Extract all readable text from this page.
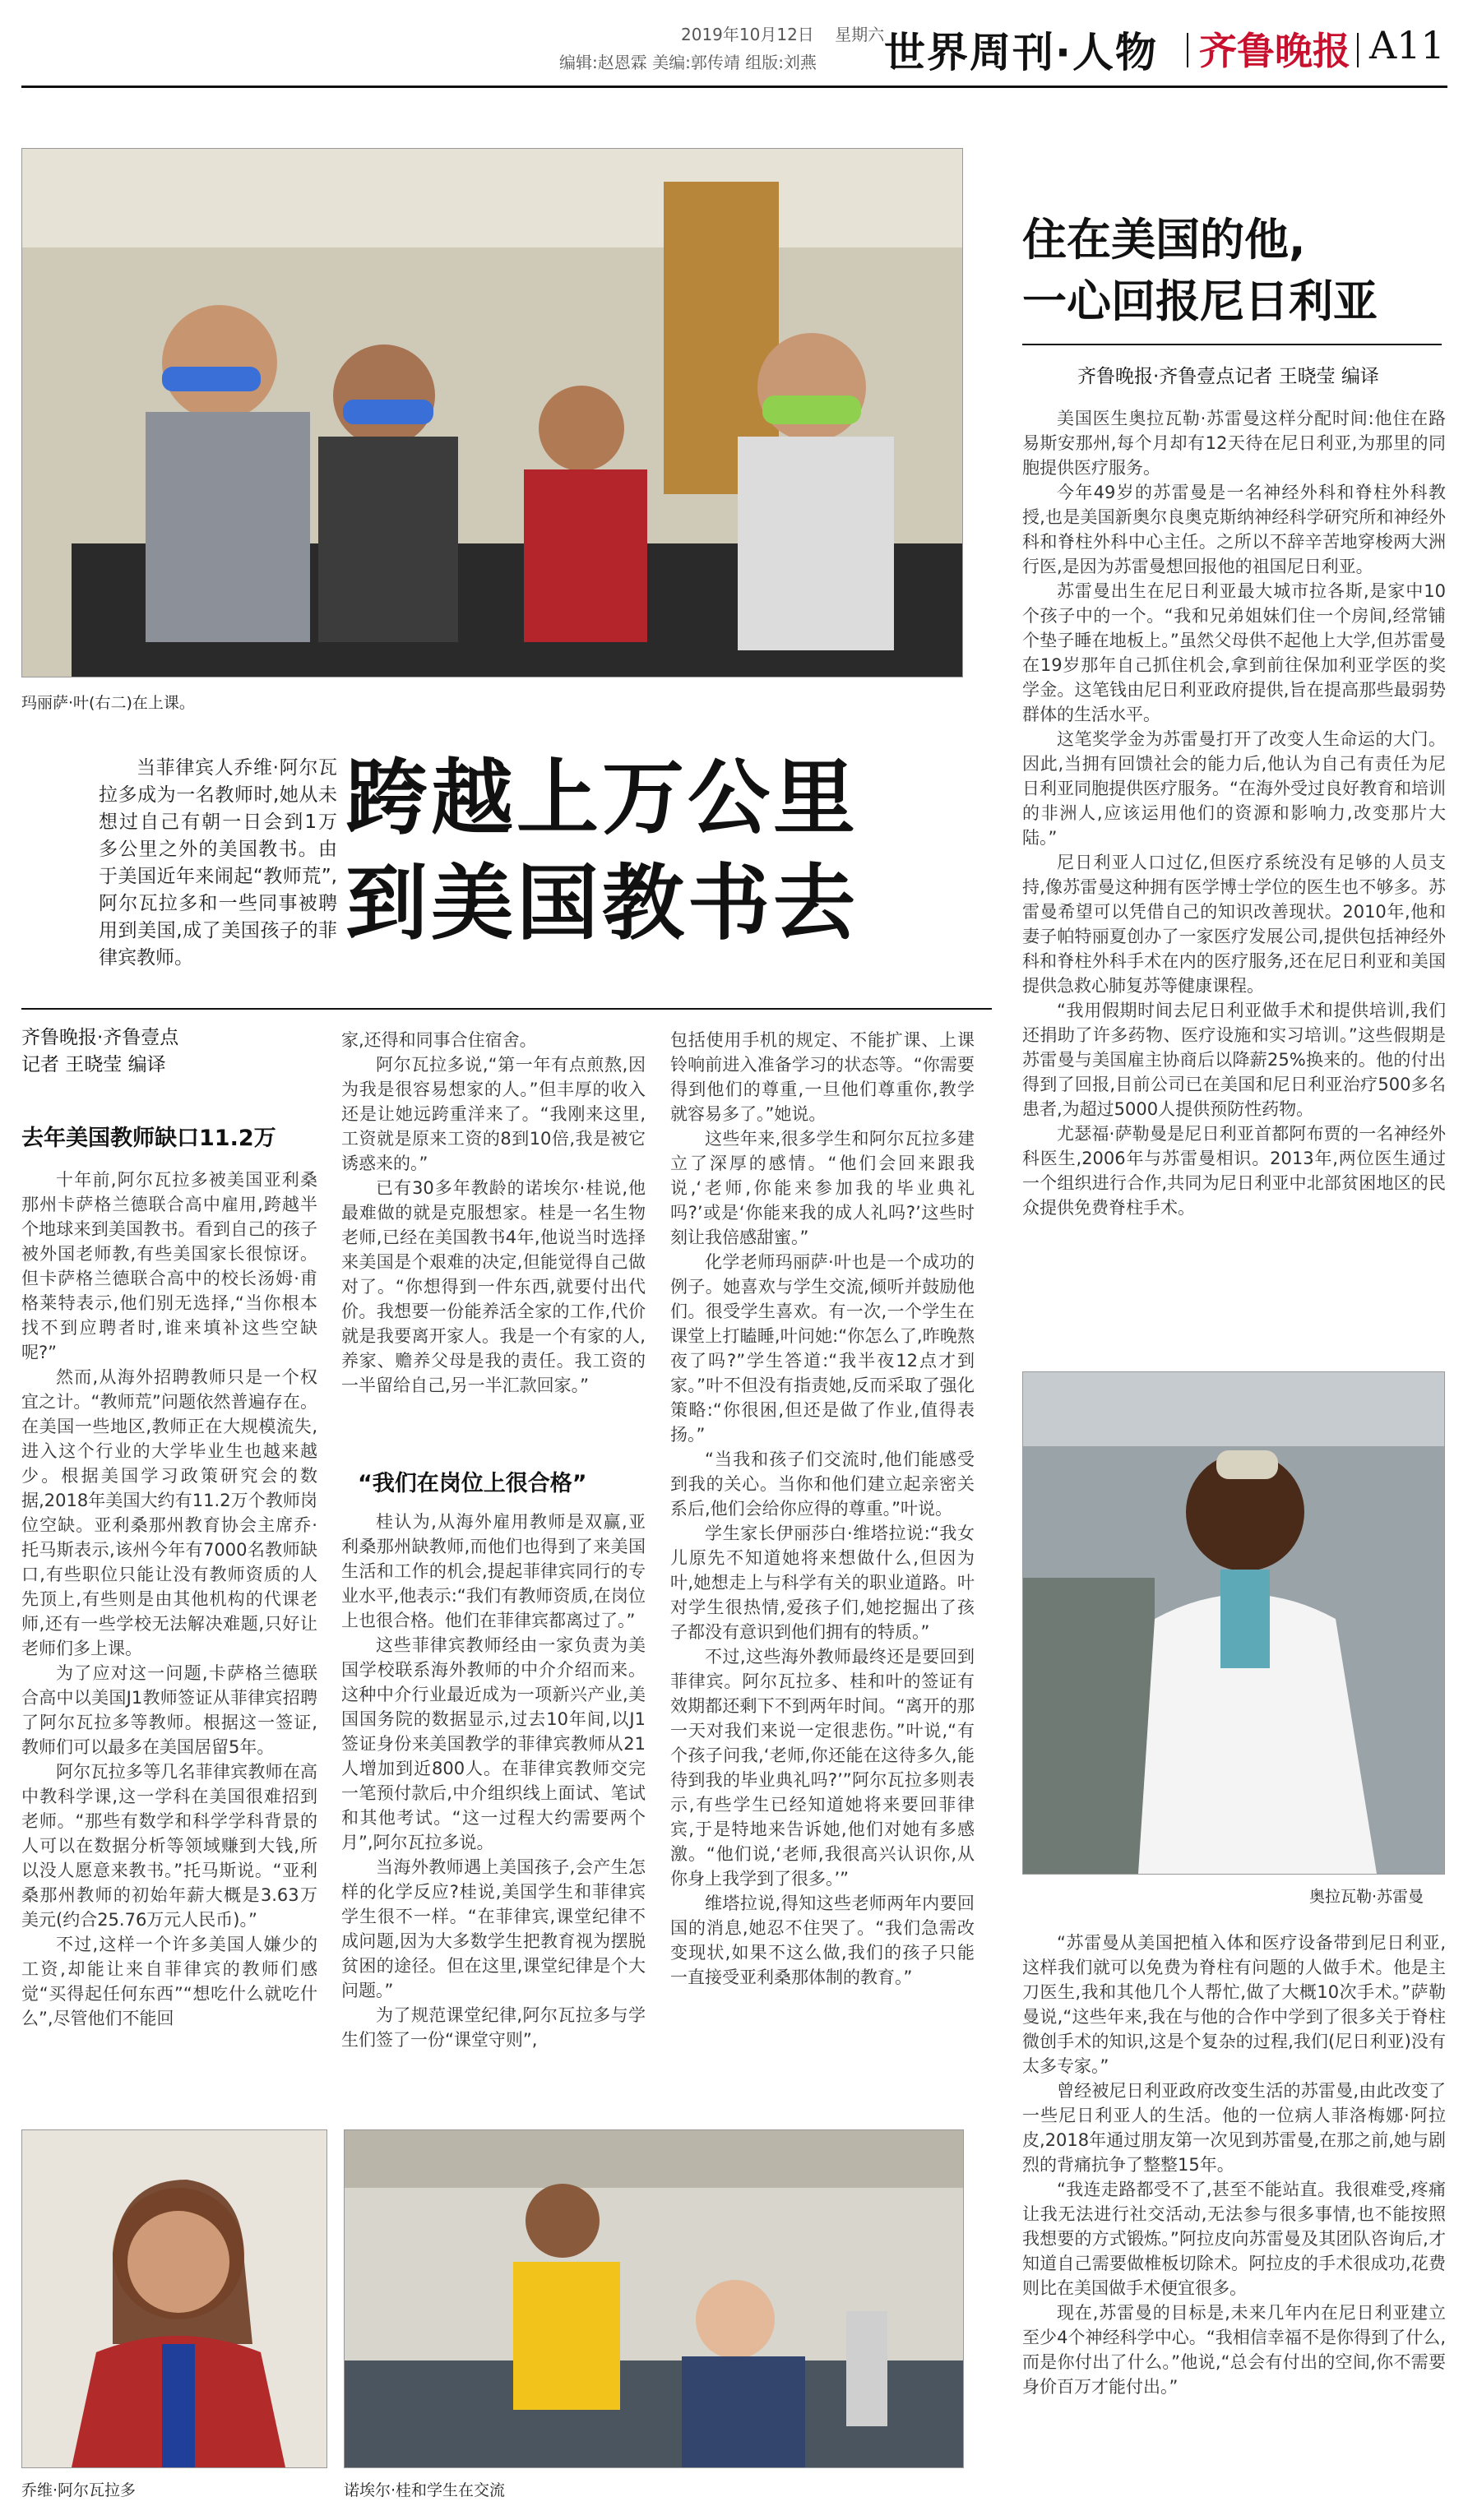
2019年10月12日 星期六
编辑:赵恩霖 美编:郭传靖 组版:刘燕 世界周刊·人物 齐鲁晚报 A11
玛丽萨·叶(右二)在上课。
住在美国的他,
一心回报尼日利亚
齐鲁晚报·齐鲁壹点记者 王晓莹 编译

美国医生奥拉瓦勒·苏雷曼这样分配时间:他住在路易斯安那州,每个月却有12天待在尼日利亚,为那里的同胞提供医疗服务。

今年49岁的苏雷曼是一名神经外科和脊柱外科教授,也是美国新奥尔良奥克斯纳神经科学研究所和神经外科和脊柱外科中心主任。之所以不辞辛苦地穿梭两大洲行医,是因为苏雷曼想回报他的祖国尼日利亚。

苏雷曼出生在尼日利亚最大城市拉各斯,是家中10个孩子中的一个。“我和兄弟姐妹们住一个房间,经常铺个垫子睡在地板上。”虽然父母供不起他上大学,但苏雷曼在19岁那年自己抓住机会,拿到前往保加利亚学医的奖学金。这笔钱由尼日利亚政府提供,旨在提高那些最弱势群体的生活水平。

这笔奖学金为苏雷曼打开了改变人生命运的大门。因此,当拥有回馈社会的能力后,他认为自己有责任为尼日利亚同胞提供医疗服务。“在海外受过良好教育和培训的非洲人,应该运用他们的资源和影响力,改变那片大陆。”

尼日利亚人口过亿,但医疗系统没有足够的人员支持,像苏雷曼这种拥有医学博士学位的医生也不够多。苏雷曼希望可以凭借自己的知识改善现状。2010年,他和妻子帕特丽夏创办了一家医疗发展公司,提供包括神经外科和脊柱外科手术在内的医疗服务,还在尼日利亚和美国提供急救心肺复苏等健康课程。

“我用假期时间去尼日利亚做手术和提供培训,我们还捐助了许多药物、医疗设施和实习培训。”这些假期是苏雷曼与美国雇主协商后以降薪25%换来的。他的付出得到了回报,目前公司已在美国和尼日利亚治疗500多名患者,为超过5000人提供预防性药物。

尤瑟福·萨勒曼是尼日利亚首都阿布贾的一名神经外科医生,2006年与苏雷曼相识。2013年,两位医生通过一个组织进行合作,共同为尼日利亚中北部贫困地区的民众提供免费脊柱手术。

奥拉瓦勒·苏雷曼

“苏雷曼从美国把植入体和医疗设备带到尼日利亚,这样我们就可以免费为脊柱有问题的人做手术。他是主刀医生,我和其他几个人帮忙,做了大概10次手术。”萨勒曼说,“这些年来,我在与他的合作中学到了很多关于脊柱微创手术的知识,这是个复杂的过程,我们(尼日利亚)没有太多专家。”

曾经被尼日利亚政府改变生活的苏雷曼,由此改变了一些尼日利亚人的生活。他的一位病人菲洛梅娜·阿拉皮,2018年通过朋友第一次见到苏雷曼,在那之前,她与剧烈的背痛抗争了整整15年。

“我连走路都受不了,甚至不能站直。我很难受,疼痛让我无法进行社交活动,无法参与很多事情,也不能按照我想要的方式锻炼。”阿拉皮向苏雷曼及其团队咨询后,才知道自己需要做椎板切除术。阿拉皮的手术很成功,花费则比在美国做手术便宜很多。

现在,苏雷曼的目标是,未来几年内在尼日利亚建立至少4个神经科学中心。“我相信幸福不是你得到了什么,而是你付出了什么。”他说,“总会有付出的空间,你不需要身价百万才能付出。”

当菲律宾人乔维·阿尔瓦拉多成为一名教师时,她从未想过自己有朝一日会到1万多公里之外的美国教书。由于美国近年来闹起“教师荒”,阿尔瓦拉多和一些同事被聘用到美国,成了美国孩子的菲律宾教师。
跨越上万公里
到美国教书去
齐鲁晚报·齐鲁壹点
记者 王晓莹 编译
去年美国教师缺口11.2万

十年前,阿尔瓦拉多被美国亚利桑那州卡萨格兰德联合高中雇用,跨越半个地球来到美国教书。看到自己的孩子被外国老师教,有些美国家长很惊讶。但卡萨格兰德联合高中的校长汤姆·甫格莱特表示,他们别无选择,“当你根本找不到应聘者时,谁来填补这些空缺呢?”

然而,从海外招聘教师只是一个权宜之计。“教师荒”问题依然普遍存在。在美国一些地区,教师正在大规模流失,进入这个行业的大学毕业生也越来越少。根据美国学习政策研究会的数据,2018年美国大约有11.2万个教师岗位空缺。亚利桑那州教育协会主席乔·托马斯表示,该州今年有7000名教师缺口,有些职位只能让没有教师资质的人先顶上,有些则是由其他机构的代课老师,还有一些学校无法解决难题,只好让老师们多上课。

为了应对这一问题,卡萨格兰德联合高中以美国J1教师签证从菲律宾招聘了阿尔瓦拉多等教师。根据这一签证,教师们可以最多在美国居留5年。

阿尔瓦拉多等几名菲律宾教师在高中教科学课,这一学科在美国很难招到老师。“那些有数学和科学学科背景的人可以在数据分析等领域赚到大钱,所以没人愿意来教书。”托马斯说。“亚利桑那州教师的初始年薪大概是3.63万美元(约合25.76万元人民币)。”

不过,这样一个许多美国人嫌少的工资,却能让来自菲律宾的教师们感觉“买得起任何东西”“想吃什么就吃什么”,尽管他们不能回

家,还得和同事合住宿舍。

阿尔瓦拉多说,“第一年有点煎熬,因为我是很容易想家的人。”但丰厚的收入还是让她远跨重洋来了。“我刚来这里,工资就是原来工资的8到10倍,我是被它诱惑来的。”

已有30多年教龄的诺埃尔·桂说,他最难做的就是克服想家。桂是一名生物老师,已经在美国教书4年,他说当时选择来美国是个艰难的决定,但能觉得自己做对了。“你想得到一件东西,就要付出代价。我想要一份能养活全家的工作,代价就是我要离开家人。我是一个有家的人,养家、赡养父母是我的责任。我工资的一半留给自己,另一半汇款回家。”

“我们在岗位上很合格”

桂认为,从海外雇用教师是双赢,亚利桑那州缺教师,而他们也得到了来美国生活和工作的机会,提起菲律宾同行的专业水平,他表示:“我们有教师资质,在岗位上也很合格。他们在菲律宾都离过了。”

这些菲律宾教师经由一家负责为美国学校联系海外教师的中介介绍而来。这种中介行业最近成为一项新兴产业,美国国务院的数据显示,过去10年间,以J1签证身份来美国教学的菲律宾教师从21人增加到近800人。在菲律宾教师交完一笔预付款后,中介组织线上面试、笔试和其他考试。“这一过程大约需要两个月”,阿尔瓦拉多说。

当海外教师遇上美国孩子,会产生怎样的化学反应?桂说,美国学生和菲律宾学生很不一样。“在菲律宾,课堂纪律不成问题,因为大多数学生把教育视为摆脱贫困的途径。但在这里,课堂纪律是个大问题。”

为了规范课堂纪律,阿尔瓦拉多与学生们签了一份“课堂守则”,

包括使用手机的规定、不能扩课、上课铃响前进入准备学习的状态等。“你需要得到他们的尊重,一旦他们尊重你,教学就容易多了。”她说。

这些年来,很多学生和阿尔瓦拉多建立了深厚的感情。“他们会回来跟我说,‘老师,你能来参加我的毕业典礼吗?’或是‘你能来我的成人礼吗?’这些时刻让我倍感甜蜜。”

化学老师玛丽萨·叶也是一个成功的例子。她喜欢与学生交流,倾听并鼓励他们。很受学生喜欢。有一次,一个学生在课堂上打瞌睡,叶问她:“你怎么了,昨晚熬夜了吗?”学生答道:“我半夜12点才到家。”叶不但没有指责她,反而采取了强化策略:“你很困,但还是做了作业,值得表扬。”

“当我和孩子们交流时,他们能感受到我的关心。当你和他们建立起亲密关系后,他们会给你应得的尊重。”叶说。

学生家长伊丽莎白·维塔拉说:“我女儿原先不知道她将来想做什么,但因为叶,她想走上与科学有关的职业道路。叶对学生很热情,爱孩子们,她挖掘出了孩子都没有意识到他们拥有的特质。”

不过,这些海外教师最终还是要回到菲律宾。阿尔瓦拉多、桂和叶的签证有效期都还剩下不到两年时间。“离开的那一天对我们来说一定很悲伤。”叶说,“有个孩子问我,‘老师,你还能在这待多久,能待到我的毕业典礼吗?’”阿尔瓦拉多则表示,有些学生已经知道她将来要回菲律宾,于是特地来告诉她,他们对她有多感激。“他们说,‘老师,我很高兴认识你,从你身上我学到了很多。’”

维塔拉说,得知这些老师两年内要回国的消息,她忍不住哭了。“我们急需改变现状,如果不这么做,我们的孩子只能一直接受亚利桑那体制的教育。”

乔维·阿尔瓦拉多	诺埃尔·桂和学生在交流
